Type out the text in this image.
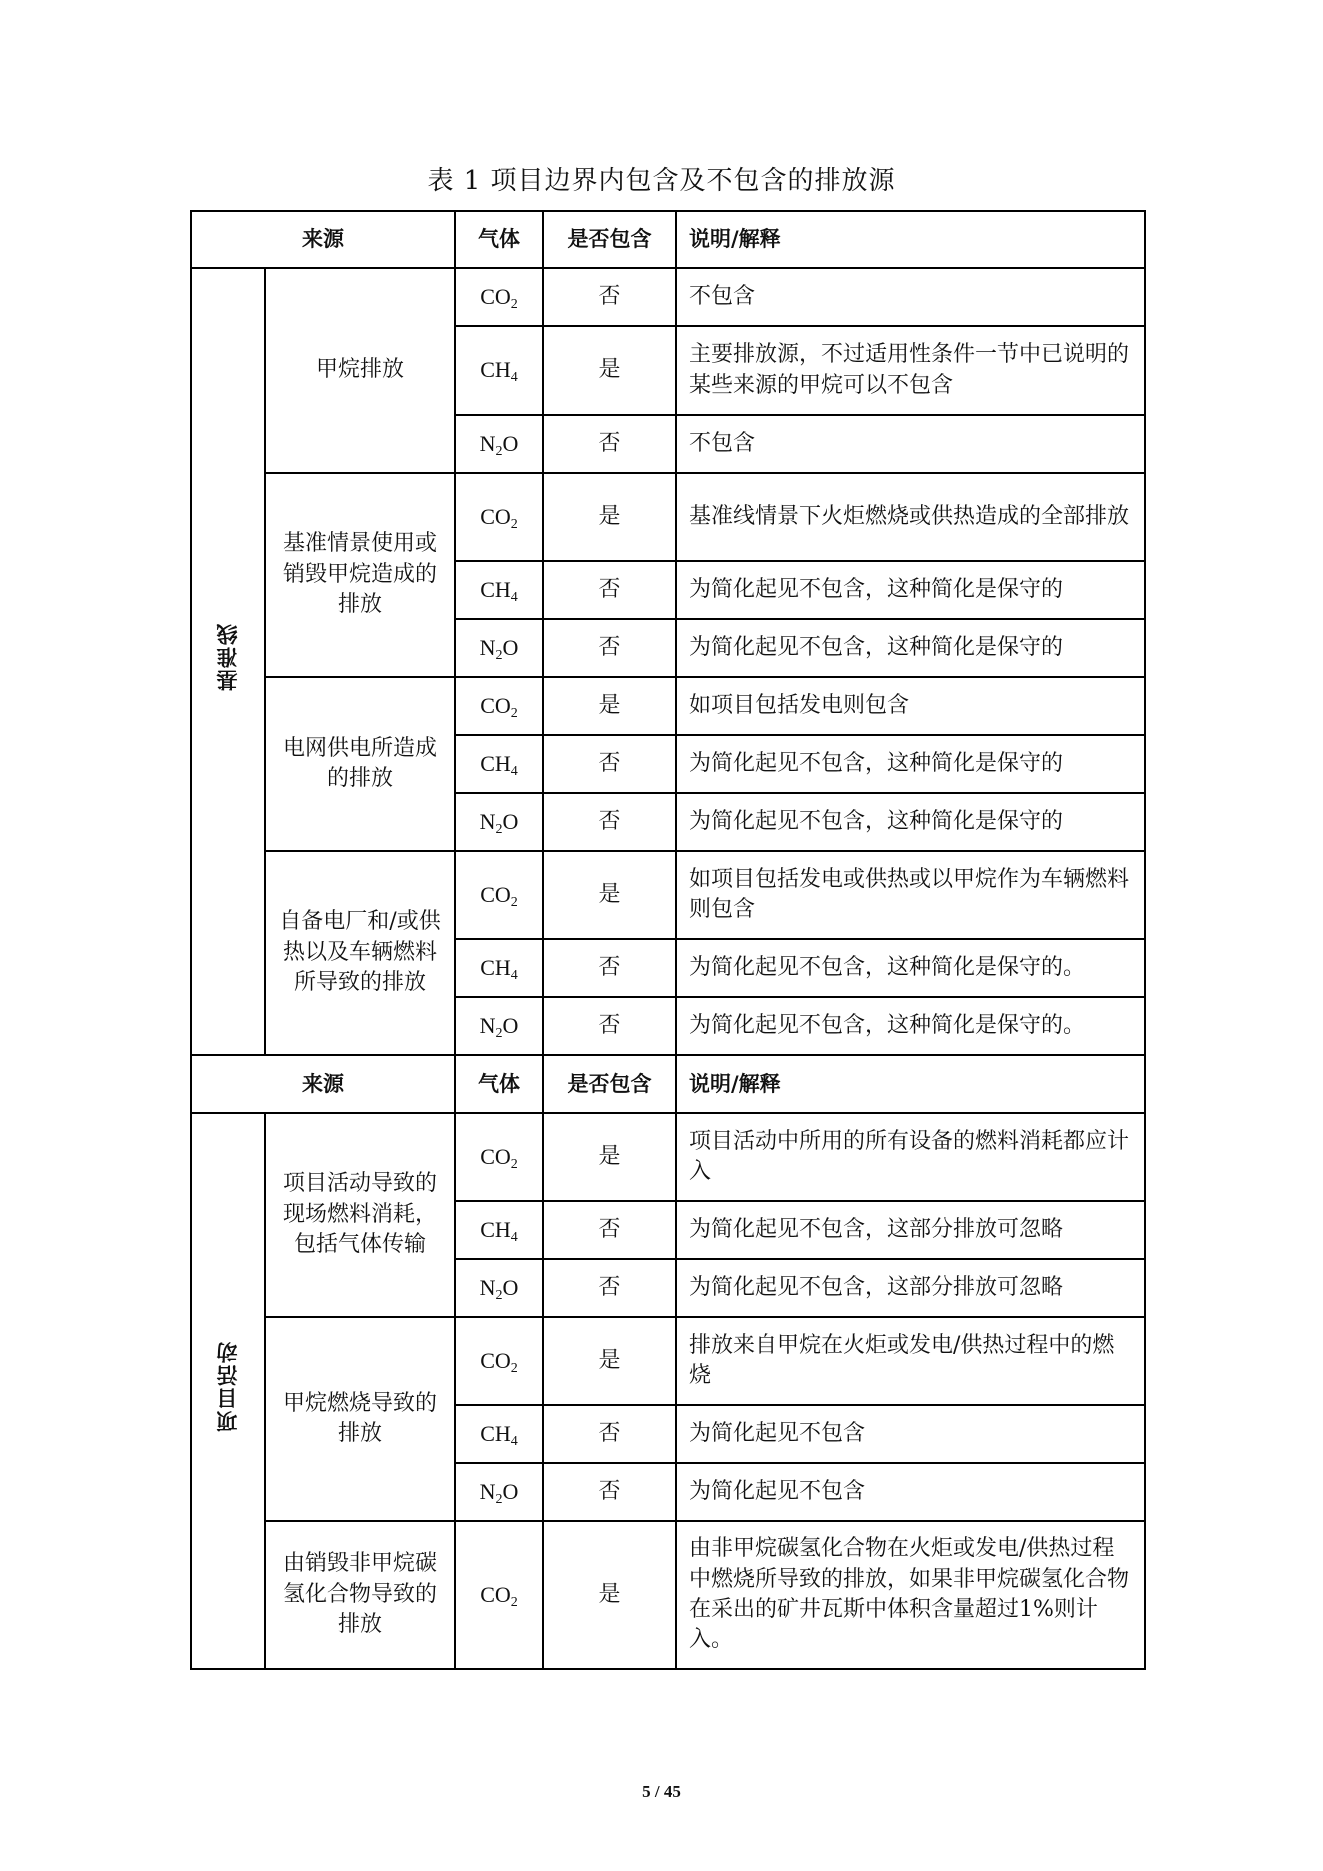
表 1 项目边界内包含及不包含的排放源
来源		气体	是否包含	说明/解释
基准线	甲烷排放	$CO_2$	否	不包含
		$CH_4$	是	主要排放源，不过适用性条件一节中已说明的某些来源的甲烷可以不包含
		$N_2O$	否	不包含
	基准情景使用或销毁甲烷造成的排放	$CO_2$	是	基准线情景下火炬燃烧或供热造成的全部排放
		$CH_4$	否	为简化起见不包含，这种简化是保守的
		$N_2O$	否	为简化起见不包含，这种简化是保守的
	电网供电所造成的排放	$CO_2$	是	如项目包括发电则包含
		$CH_4$	否	为简化起见不包含，这种简化是保守的
		$N_2O$	否	为简化起见不包含，这种简化是保守的
	自备电厂和/或供热以及车辆燃料所导致的排放	$CO_2$	是	如项目包括发电或供热或以甲烷作为车辆燃料则包含
		$CH_4$	否	为简化起见不包含，这种简化是保守的。
		$N_2O$	否	为简化起见不包含，这种简化是保守的。
来源		气体	是否包含	说明/解释
项目活动	项目活动导致的现场燃料消耗，包括气体传输	$CO_2$	是	项目活动中所用的所有设备的燃料消耗都应计入
		$CH_4$	否	为简化起见不包含，这部分排放可忽略
		$N_2O$	否	为简化起见不包含，这部分排放可忽略
	甲烷燃烧导致的排放	$CO_2$	是	排放来自甲烷在火炬或发电/供热过程中的燃烧
		$CH_4$	否	为简化起见不包含
		$N_2O$	否	为简化起见不包含
	由销毁非甲烷碳氢化合物导致的排放	$CO_2$	是	由非甲烷碳氢化合物在火炬或发电/供热过程中燃烧所导致的排放，如果非甲烷碳氢化合物在采出的矿井瓦斯中体积含量超过1%则计入。
5 / 45
